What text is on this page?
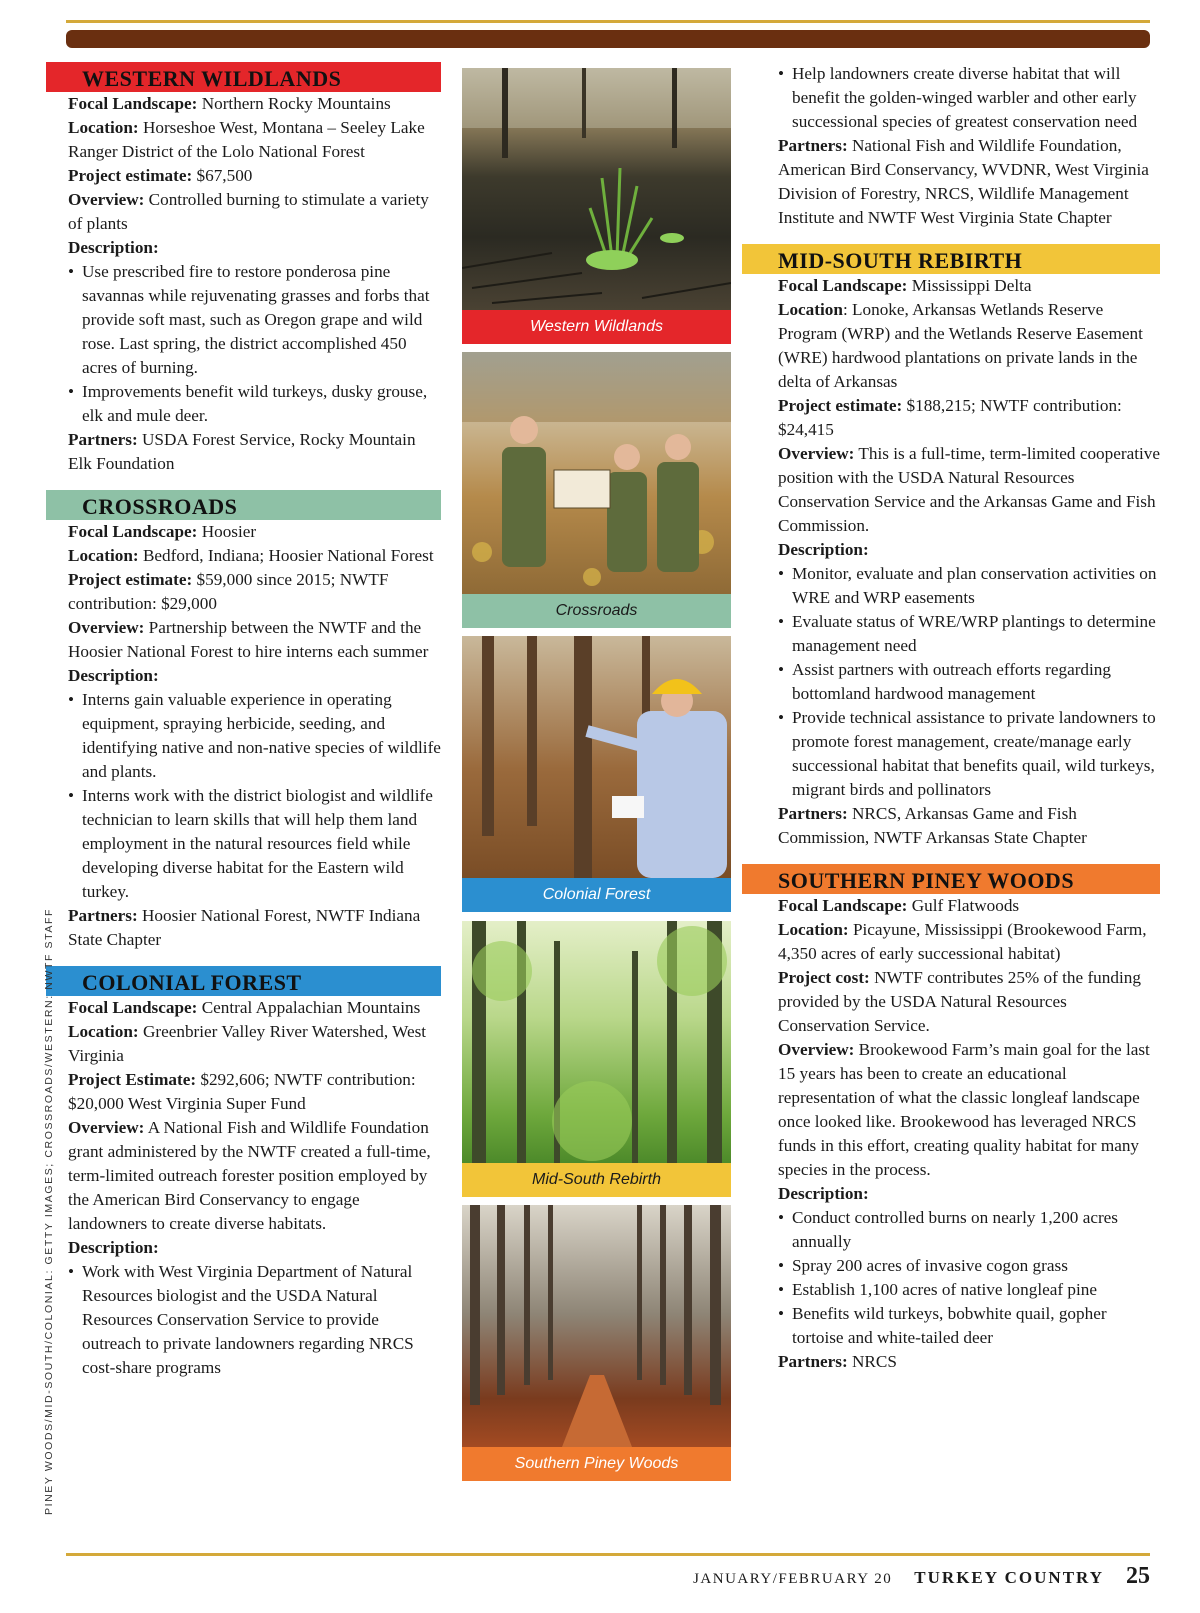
WESTERN WILDLANDS

Focal Landscape: Northern Rocky Mountains

Location: Horseshoe West, Montana – Seeley Lake Ranger District of the Lolo National Forest

Project estimate: $67,500

Overview: Controlled burning to stimulate a variety of plants

Description:

• Use prescribed fire to restore ponderosa pine savannas while rejuvenating grasses and forbs that provide soft mast, such as Oregon grape and wild rose. Last spring, the district accomplished 450 acres of burning.
• Improvements benefit wild turkeys, dusky grouse, elk and mule deer.

Partners: USDA Forest Service, Rocky Mountain Elk Foundation

CROSSROADS

Focal Landscape: Hoosier

Location: Bedford, Indiana; Hoosier National Forest

Project estimate: $59,000 since 2015; NWTF contribution: $29,000

Overview: Partnership between the NWTF and the Hoosier National Forest to hire interns each summer

Description:

• Interns gain valuable experience in operating equipment, spraying herbicide, seeding, and identifying native and non-native species of wildlife and plants.
• Interns work with the district biologist and wildlife technician to learn skills that will help them land employment in the natural resources field while developing diverse habitat for the Eastern wild turkey.

Partners: Hoosier National Forest, NWTF Indiana State Chapter

COLONIAL FOREST

Focal Landscape: Central Appalachian Mountains

Location: Greenbrier Valley River Watershed, West Virginia

Project Estimate: $292,606; NWTF contribution: $20,000 West Virginia Super Fund

Overview: A National Fish and Wildlife Foundation grant administered by the NWTF created a full-time, term-limited outreach forester position employed by the American Bird Conservancy to engage landowners to create diverse habitats.

Description:

• Work with West Virginia Department of Natural Resources biologist and the USDA Natural Resources Conservation Service to provide outreach to private landowners regarding NRCS cost-share programs
Western Wildlands
Crossroads
Colonial Forest
Mid-South Rebirth
Southern Piney Woods
• Help landowners create diverse habitat that will benefit the golden-winged warbler and other early successional species of greatest conservation need

Partners: National Fish and Wildlife Foundation, American Bird Conservancy, WVDNR, West Virginia Division of Forestry, NRCS, Wildlife Management Institute and NWTF West Virginia State Chapter

MID-SOUTH REBIRTH

Focal Landscape: Mississippi Delta

Location: Lonoke, Arkansas Wetlands Reserve Program (WRP) and the Wetlands Reserve Easement (WRE) hardwood plantations on private lands in the delta of Arkansas

Project estimate: $188,215; NWTF contribution: $24,415

Overview: This is a full-time, term-limited cooperative position with the USDA Natural Resources Conservation Service and the Arkansas Game and Fish Commission.

Description:

• Monitor, evaluate and plan conservation activities on WRE and WRP easements
• Evaluate status of WRE/WRP plantings to determine management need
• Assist partners with outreach efforts regarding bottomland hardwood management
• Provide technical assistance to private landowners to promote forest management, create/manage early successional habitat that benefits quail, wild turkeys, migrant birds and pollinators

Partners: NRCS, Arkansas Game and Fish Commission, NWTF Arkansas State Chapter

SOUTHERN PINEY WOODS

Focal Landscape: Gulf Flatwoods

Location: Picayune, Mississippi (Brookewood Farm, 4,350 acres of early successional habitat)

Project cost: NWTF contributes 25% of the funding provided by the USDA Natural Resources Conservation Service.

Overview: Brookewood Farm’s main goal for the last 15 years has been to create an educational representation of what the classic longleaf landscape once looked like. Brookewood has leveraged NRCS funds in this effort, creating quality habitat for many species in the process.

Description:

• Conduct controlled burns on nearly 1,200 acres annually
• Spray 200 acres of invasive cogon grass
• Establish 1,100 acres of native longleaf pine
• Benefits wild turkeys, bobwhite quail, gopher tortoise and white-tailed deer

Partners: NRCS

PINEY WOODS/MID-SOUTH/COLONIAL: GETTY IMAGES; CROSSROADS/WESTERN: NWTF STAFF
JANUARY/FEBRUARY 20 TURKEY COUNTRY 25
